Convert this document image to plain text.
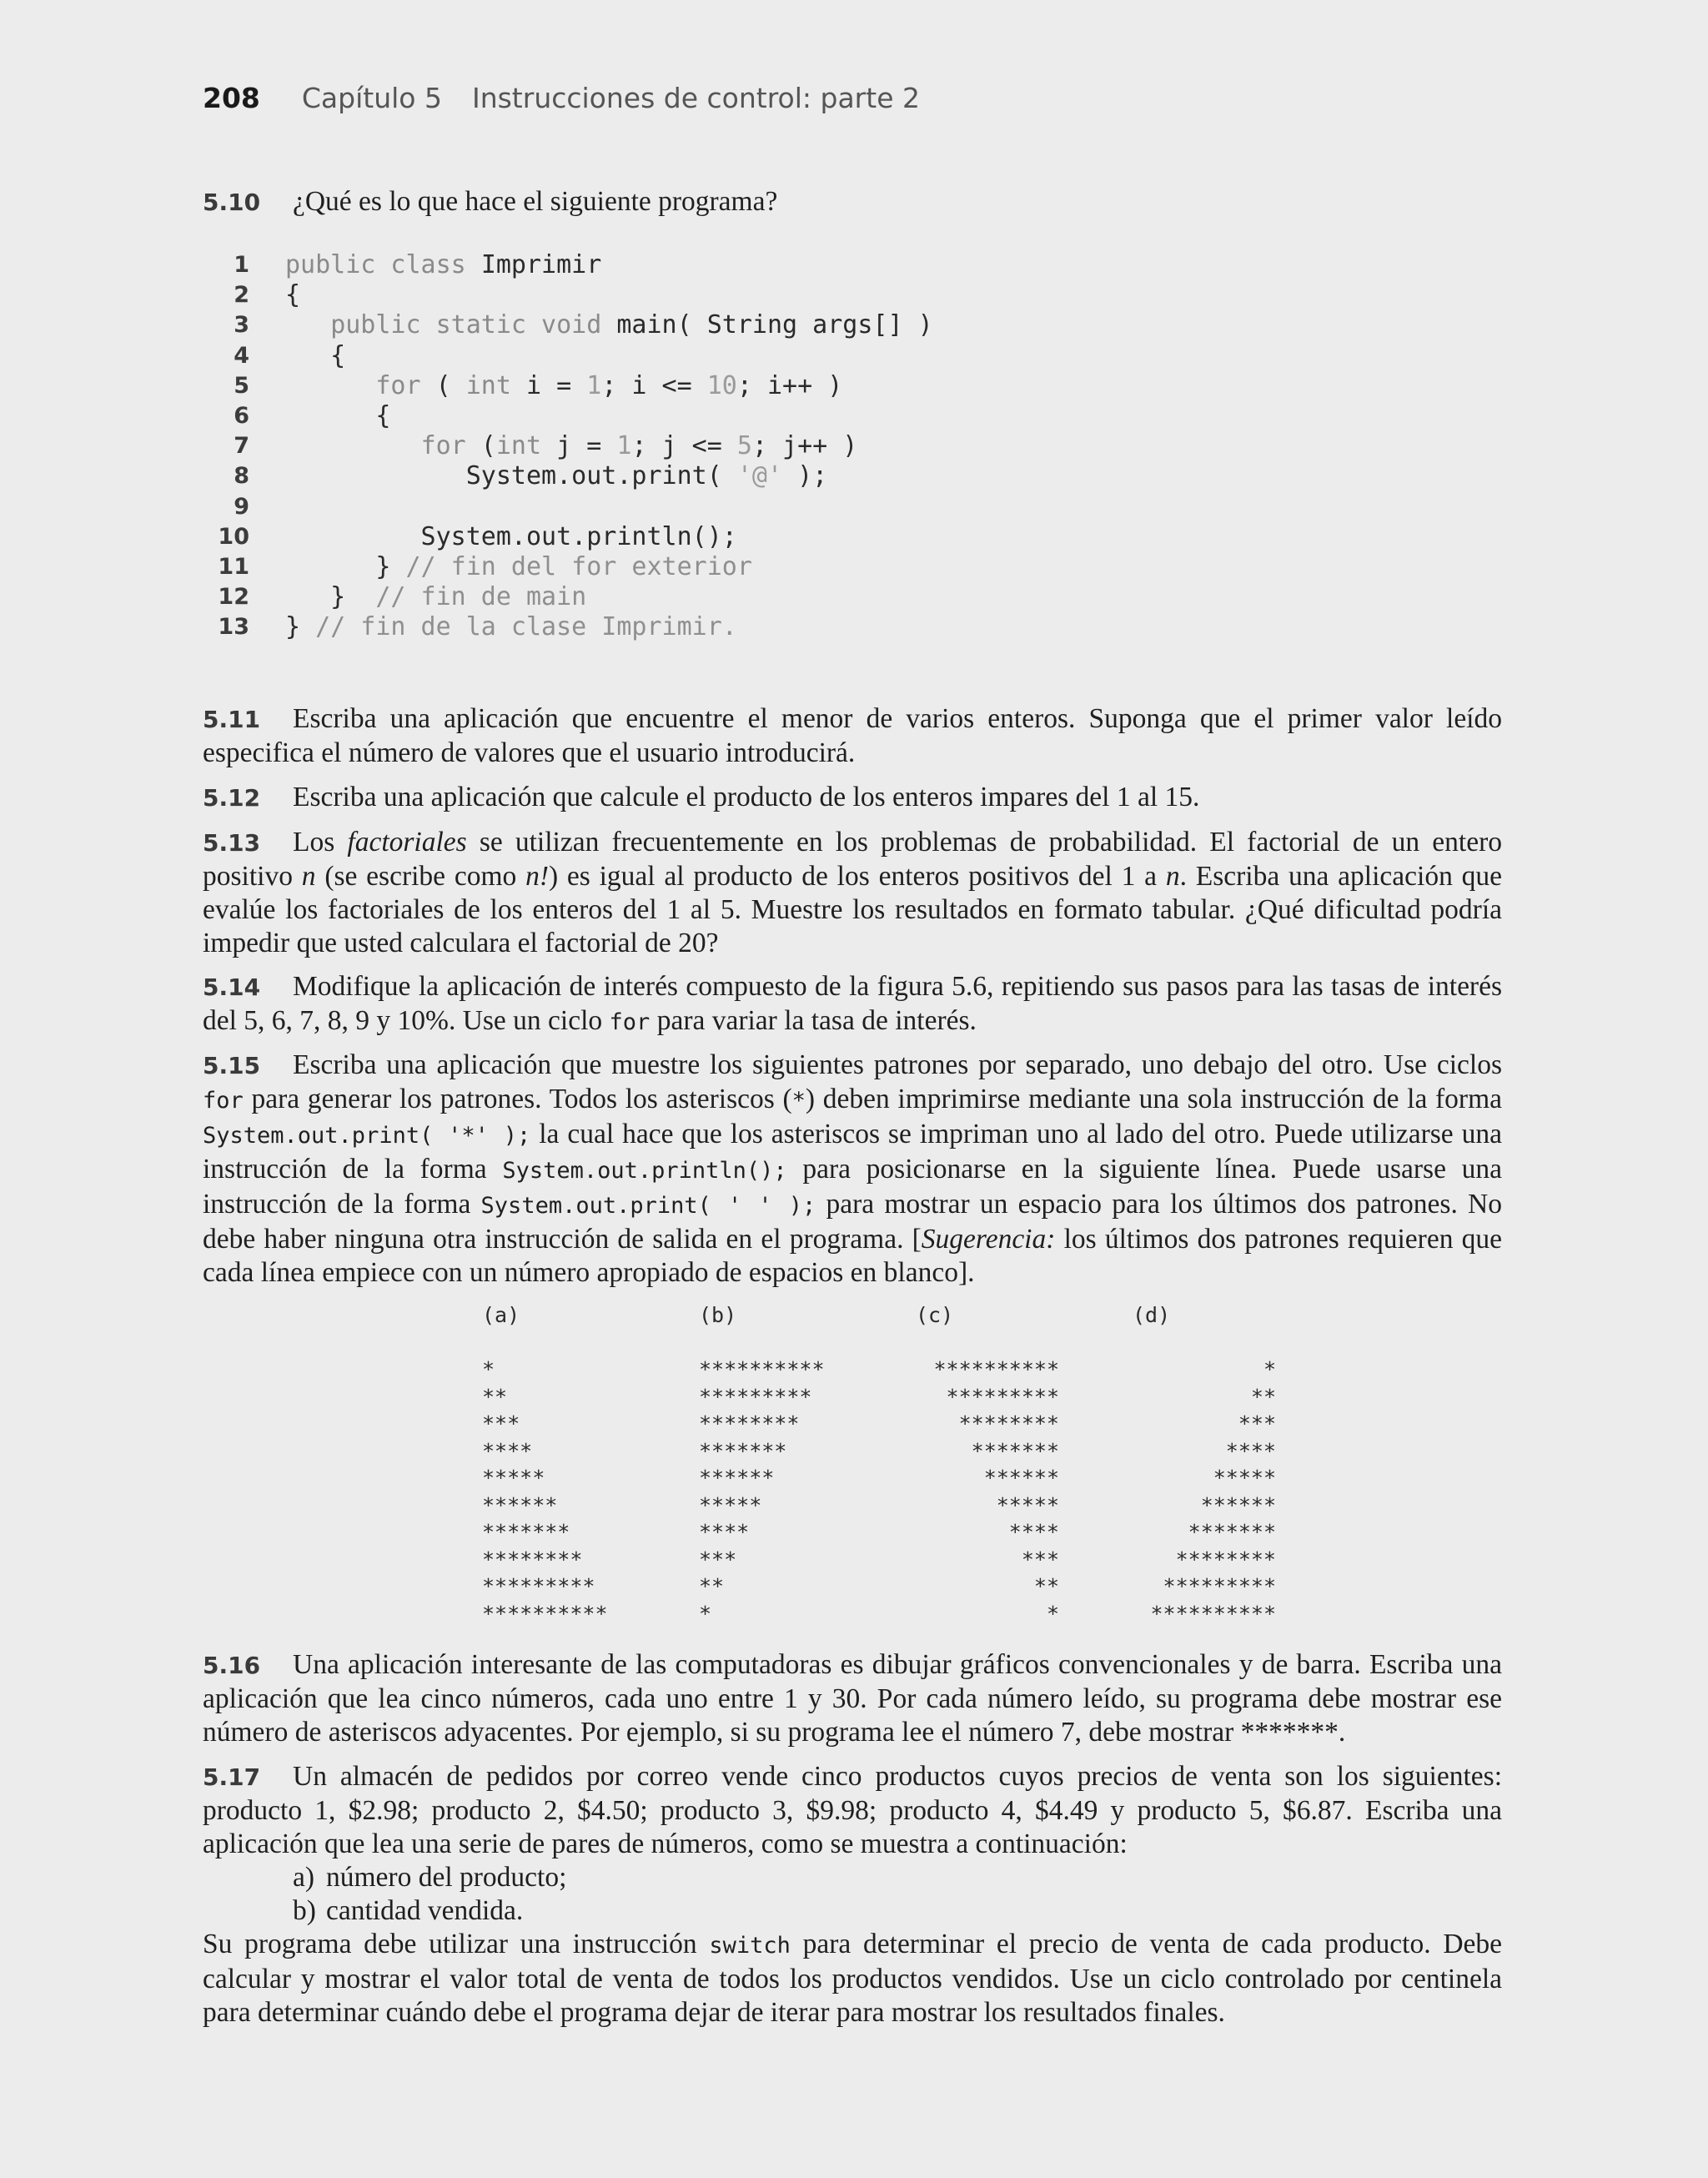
208 Capítulo 5 Instrucciones de control: parte 2
5.10 ¿Qué es lo que hace el siguiente programa?
1 public class Imprimir
2 {
3	public static void main( String args[] )
4 {
5	for ( int i = 1; i <= 10; i++ )
6 {
7	for (int j = 1; j <= 5; j++ )
8 System.out.print( '@' );
9
10 System.out.println();
11 } // fin del for exterior
12 }  // fin de main
13 } // fin de la clase Imprimir.
5.11 Escriba una aplicación que encuentre el menor de varios enteros. Suponga que el primer valor leído especifica el número de valores que el usuario introducirá.
5.12 Escriba una aplicación que calcule el producto de los enteros impares del 1 al 15.
5.13 Los factoriales se utilizan frecuentemente en los problemas de probabilidad. El factorial de un entero positivo n (se escribe como n!) es igual al producto de los enteros positivos del 1 a n. Escriba una aplicación que evalúe los factoriales de los enteros del 1 al 5. Muestre los resultados en formato tabular. ¿Qué dificultad podría impedir que usted calculara el factorial de 20?
5.14 Modifique la aplicación de interés compuesto de la figura 5.6, repitiendo sus pasos para las tasas de interés del 5, 6, 7, 8, 9 y 10%. Use un ciclo for para variar la tasa de interés.
5.15 Escriba una aplicación que muestre los siguientes patrones por separado, uno debajo del otro. Use ciclos for para generar los patrones. Todos los asteriscos (*) deben imprimirse mediante una sola instrucción de la forma System.out.print( '*' ); la cual hace que los asteriscos se impriman uno al lado del otro. Puede utilizarse una instrucción de la forma System.out.println(); para posicionarse en la siguiente línea. Puede usarse una instrucción de la forma System.out.print( ' ' ); para mostrar un espacio para los últimos dos patrones. No debe haber ninguna otra instrucción de salida en el programa. [Sugerencia: los últimos dos patrones requieren que cada línea empiece con un número apropiado de espacios en blanco].
(a)	(b)	(c)	(d)
*	**********	**********	*
**	*********	*********	**
***	********	********	***
****	*******	*******	****
*****	******	******	*****
******	*****	*****	******
*******	****	****	*******
********	***	***	********
*********	**	**	*********
**********	*	*	**********
5.16 Una aplicación interesante de las computadoras es dibujar gráficos convencionales y de barra. Escriba una aplicación que lea cinco números, cada uno entre 1 y 30. Por cada número leído, su programa debe mostrar ese número de asteriscos adyacentes. Por ejemplo, si su programa lee el número 7, debe mostrar *******.
5.17 Un almacén de pedidos por correo vende cinco productos cuyos precios de venta son los siguientes: producto 1, $2.98; producto 2, $4.50; producto 3, $9.98; producto 4, $4.49 y producto 5, $6.87. Escriba una aplicación que lea una serie de pares de números, como se muestra a continuación:
a) número del producto;
b) cantidad vendida.
Su programa debe utilizar una instrucción switch para determinar el precio de venta de cada producto. Debe calcular y mostrar el valor total de venta de todos los productos vendidos. Use un ciclo controlado por centinela para determinar cuándo debe el programa dejar de iterar para mostrar los resultados finales.
